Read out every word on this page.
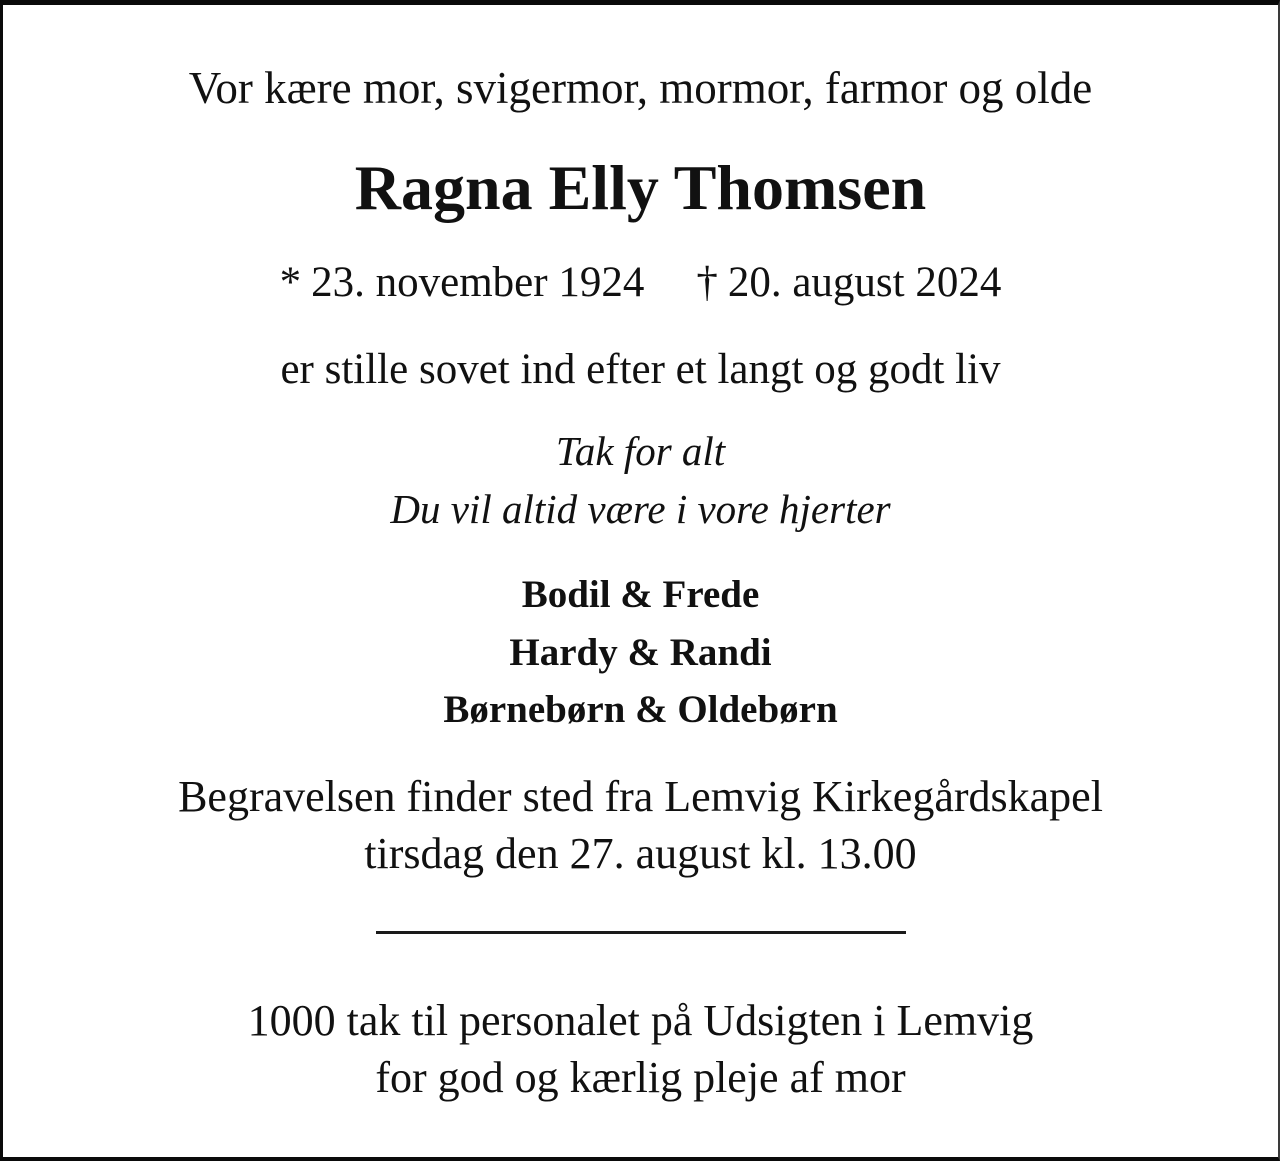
Vor kære mor, svigermor, mormor, farmor og olde
Ragna Elly Thomsen
* 23. november 1924 † 20. august 2024
er stille sovet ind efter et langt og godt liv
Tak for alt
Du vil altid være i vore hjerter
Bodil & Frede
Hardy & Randi
Børnebørn & Oldebørn
Begravelsen finder sted fra Lemvig Kirkegårdskapel
tirsdag den 27. august kl. 13.00
1000 tak til personalet på Udsigten i Lemvig
for god og kærlig pleje af mor
